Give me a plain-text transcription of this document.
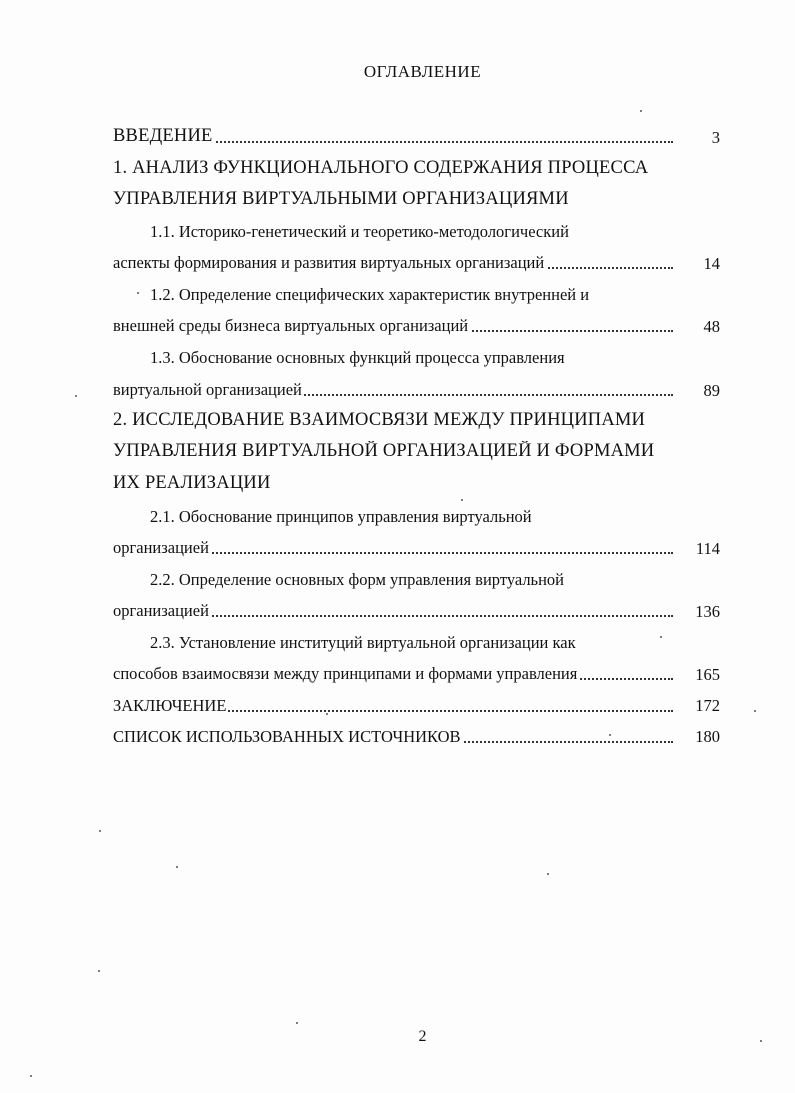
ОГЛАВЛЕНИЕ
ВВЕДЕНИЕ	3
1. АНАЛИЗ ФУНКЦИОНАЛЬНОГО СОДЕРЖАНИЯ ПРОЦЕССА
УПРАВЛЕНИЯ ВИРТУАЛЬНЫМИ ОРГАНИЗАЦИЯМИ
1.1. Историко-генетический и теоретико-методологический
аспекты формирования и развития виртуальных организаций	14
1.2. Определение специфических характеристик внутренней и
внешней среды бизнеса виртуальных организаций	48
1.3. Обоснование основных функций процесса управления
виртуальной организацией	89
2. ИССЛЕДОВАНИЕ ВЗАИМОСВЯЗИ МЕЖДУ ПРИНЦИПАМИ
УПРАВЛЕНИЯ ВИРТУАЛЬНОЙ ОРГАНИЗАЦИЕЙ И ФОРМАМИ
ИХ РЕАЛИЗАЦИИ
2.1. Обоснование принципов управления виртуальной
организацией	114
2.2. Определение основных форм управления виртуальной
организацией	136
2.3. Установление институций виртуальной организации как
способов взаимосвязи между принципами и формами управления	165
ЗАКЛЮЧЕНИЕ	172
СПИСОК ИСПОЛЬЗОВАННЫХ ИСТОЧНИКОВ	180
2
